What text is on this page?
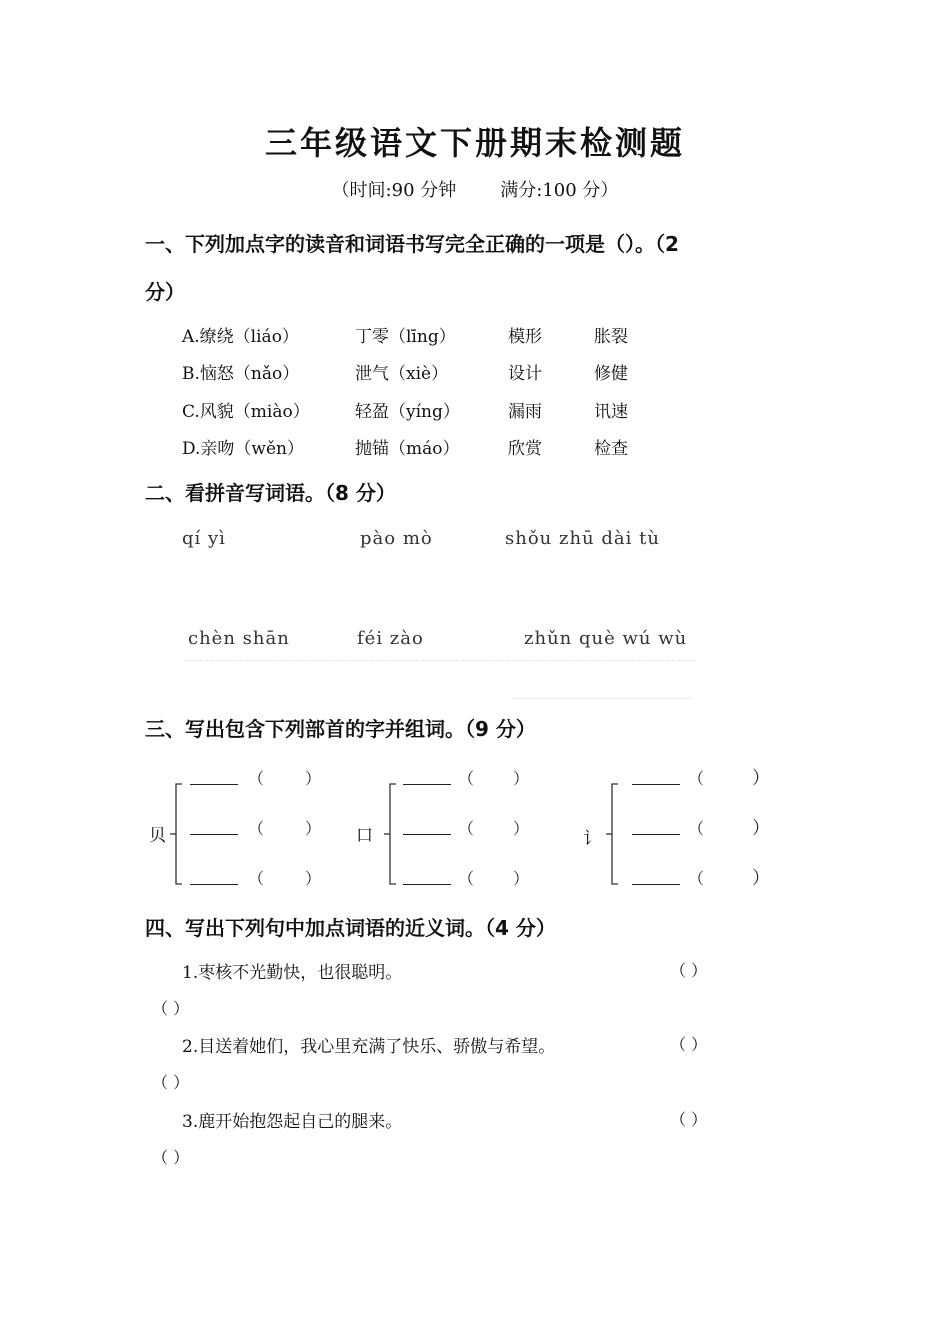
三年级语文下册期末检测题
（时间:90 分钟 满分:100 分）
一、下列加点字的读音和词语书写完全正确的一项是（）。（2
分）
A.缭绕（liáo）	丁零（līng）	模形	胀裂
B.恼怒（nǎo）	泄气（xiè）	设计	修健
C.风貌（miào）	轻盈（yíng）	漏雨	讯速
D.亲吻（wěn）	抛锚（máo）	欣赏	检查
二、看拼音写词语。（8 分）
qí yì	pào mò	shǒu zhū dài tù
chèn shān	féi zào	zhǔn què wú wù
三、写出包含下列部首的字并组词。（9 分）
贝
（	）
（	）
（	）
口
（ ）
（ ）
（ ）
讠
（	）
（	）
（	）
四、写出下列句中加点词语的近义词。（4 分）
1.枣核不光勤快，也很聪明。	（ ）
（ ）
2.目送着她们，我心里充满了快乐、骄傲与希望。	（ ）
（ ）
3.鹿开始抱怨起自己的腿来。	（ ）
（ ）
